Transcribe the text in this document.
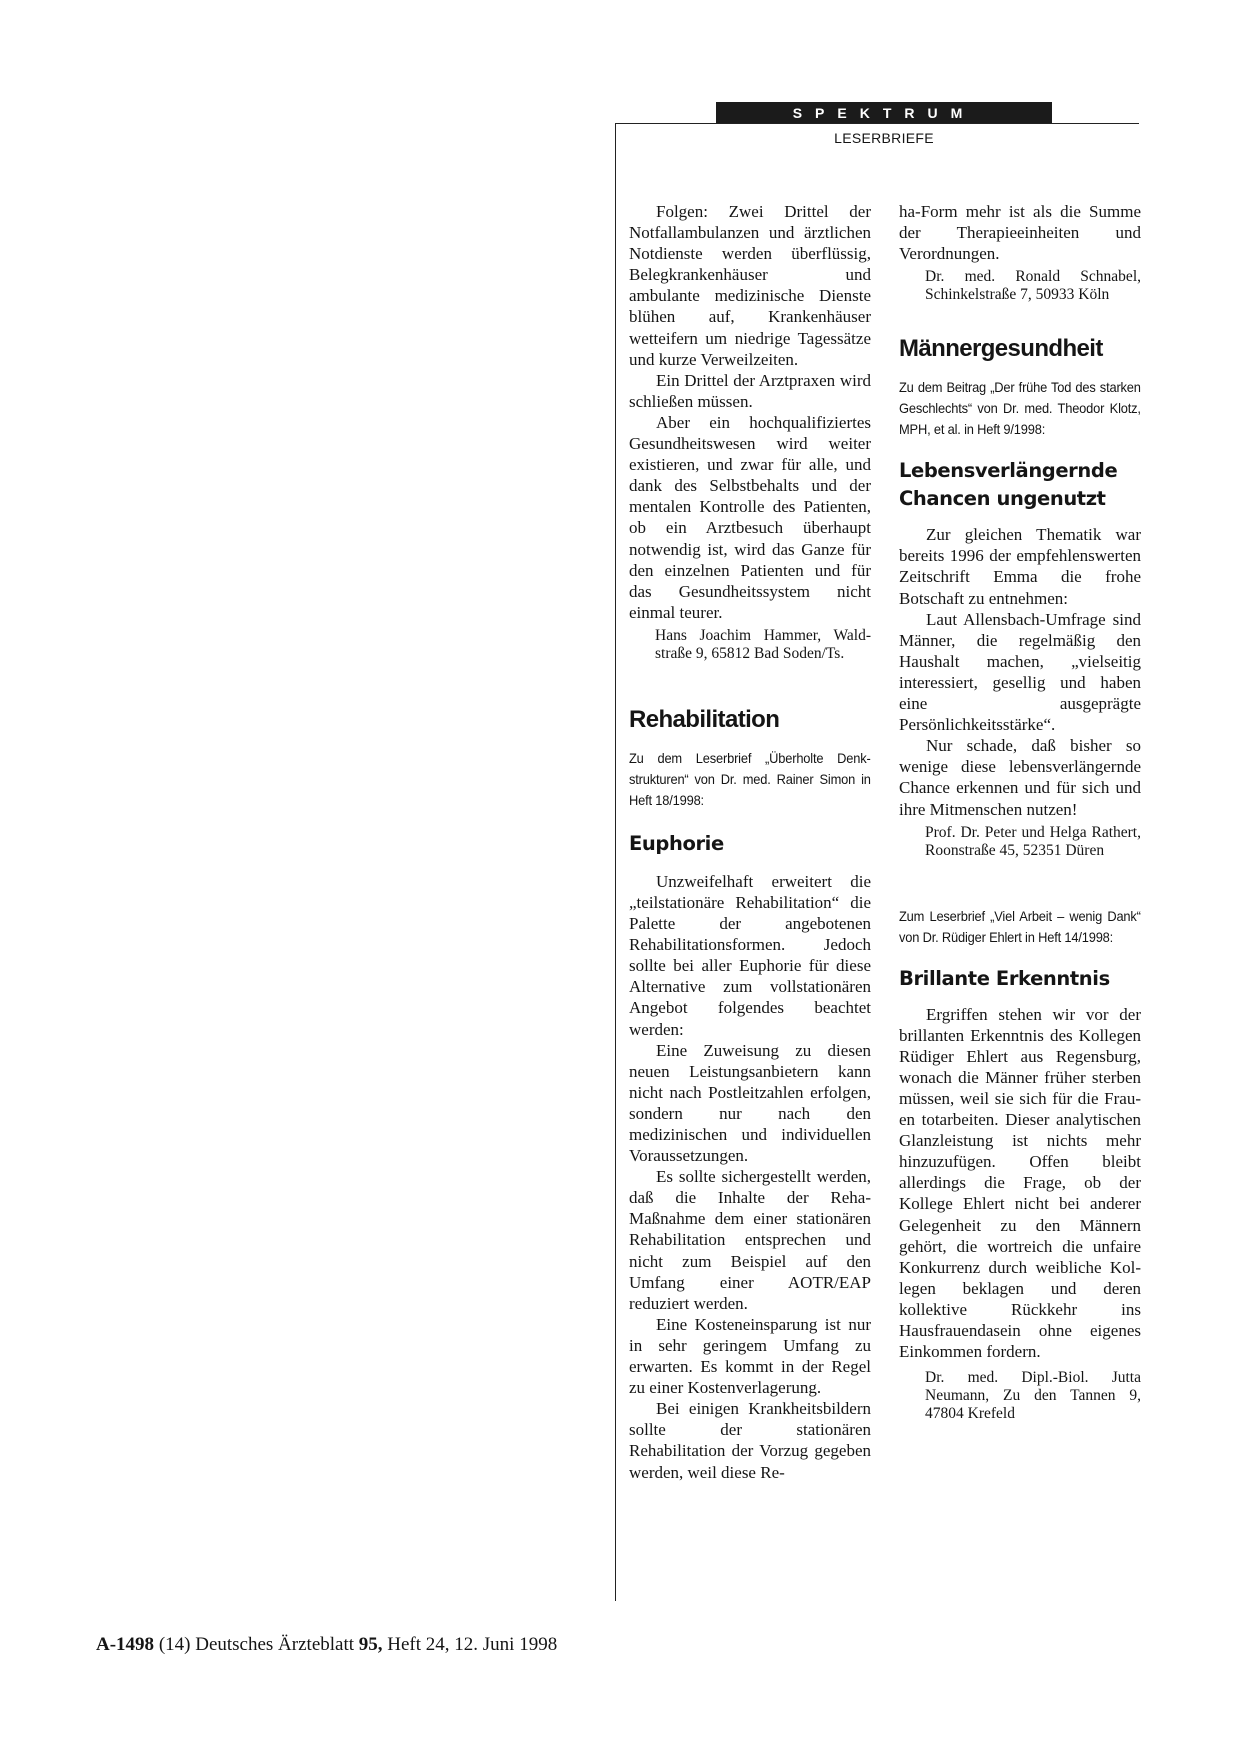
SPEKTRUM
LESERBRIEFE

Folgen: Zwei Drittel der Notfallambulanzen und ärztlichen Notdienste werden überflüssig, Belegkrankenhäuser und ambulante medizinische Dienste blühen auf, Krankenhäuser wetteifern um niedrige Tagessätze und kurze Verweilzeiten.

Ein Drittel der Arztpraxen wird schließen müssen.

Aber ein hochqualifiziertes Gesundheitswesen wird weiter existieren, und zwar für alle, und dank des Selbstbehalts und der mentalen Kontrolle des Patienten, ob ein Arztbesuch überhaupt notwendig ist, wird das Ganze für den einzelnen Patienten und für das Gesundheitssystem nicht einmal teurer.

Hans Joachim Hammer, Waldstraße 9, 65812 Bad Soden/Ts.

Rehabilitation

Zu dem Leserbrief „Überholte Denkstrukturen“ von Dr. med. Rainer Simon in Heft 18/1998:

Euphorie

Unzweifelhaft erweitert die „teilstationäre Rehabilitation“ die Palette der angebotenen Rehabilitationsformen. Jedoch sollte bei aller Euphorie für diese Alternative zum vollstationären Angebot folgendes beachtet werden:

Eine Zuweisung zu diesen neuen Leistungsanbietern kann nicht nach Postleitzahlen erfolgen, sondern nur nach den medizinischen und individuellen Voraussetzungen.

Es sollte sichergestellt werden, daß die Inhalte der Reha-Maßnahme dem einer stationären Rehabilitation entsprechen und nicht zum Beispiel auf den Umfang einer AOTR/EAP reduziert werden.

Eine Kosteneinsparung ist nur in sehr geringem Umfang zu erwarten. Es kommt in der Regel zu einer Kostenverlagerung.

Bei einigen Krankheitsbildern sollte der stationären Rehabilitation der Vorzug gegeben werden, weil diese Re-

ha-Form mehr ist als die Summe der Therapieeinheiten und Verordnungen.

Dr. med. Ronald Schnabel, Schinkelstraße 7, 50933 Köln

Männergesundheit

Zu dem Beitrag „Der frühe Tod des starken Geschlechts“ von Dr. med. Theodor Klotz, MPH, et al. in Heft 9/1998:

Lebensverlängernde Chancen ungenutzt

Zur gleichen Thematik war bereits 1996 der empfehlenswerten Zeitschrift Emma die frohe Botschaft zu entnehmen:

Laut Allensbach-Umfrage sind Männer, die regelmäßig den Haushalt machen, „vielseitig interessiert, gesellig und haben eine ausgeprägte Persönlichkeitsstärke“.

Nur schade, daß bisher so wenige diese lebensverlängernde Chance erkennen und für sich und ihre Mitmenschen nutzen!

Prof. Dr. Peter und Helga Rathert, Roonstraße 45, 52351 Düren

Zum Leserbrief „Viel Arbeit – wenig Dank“ von Dr. Rüdiger Ehlert in Heft 14/1998:

Brillante Erkenntnis

Ergriffen stehen wir vor der brillanten Erkenntnis des Kollegen Rüdiger Ehlert aus Regensburg, wonach die Männer früher sterben müssen, weil sie sich für die Frauen totarbeiten. Dieser analytischen Glanzleistung ist nichts mehr hinzuzufügen. Offen bleibt allerdings die Frage, ob der Kollege Ehlert nicht bei anderer Gelegenheit zu den Männern gehört, die wortreich die unfaire Konkurrenz durch weibliche Kollegen beklagen und deren kollektive Rückkehr ins Hausfrauendasein ohne eigenes Einkommen fordern.

Dr. med. Dipl.-Biol. Jutta Neumann, Zu den Tannen 9, 47804 Krefeld

A-1498 (14) Deutsches Ärzteblatt 95, Heft 24, 12. Juni 1998
